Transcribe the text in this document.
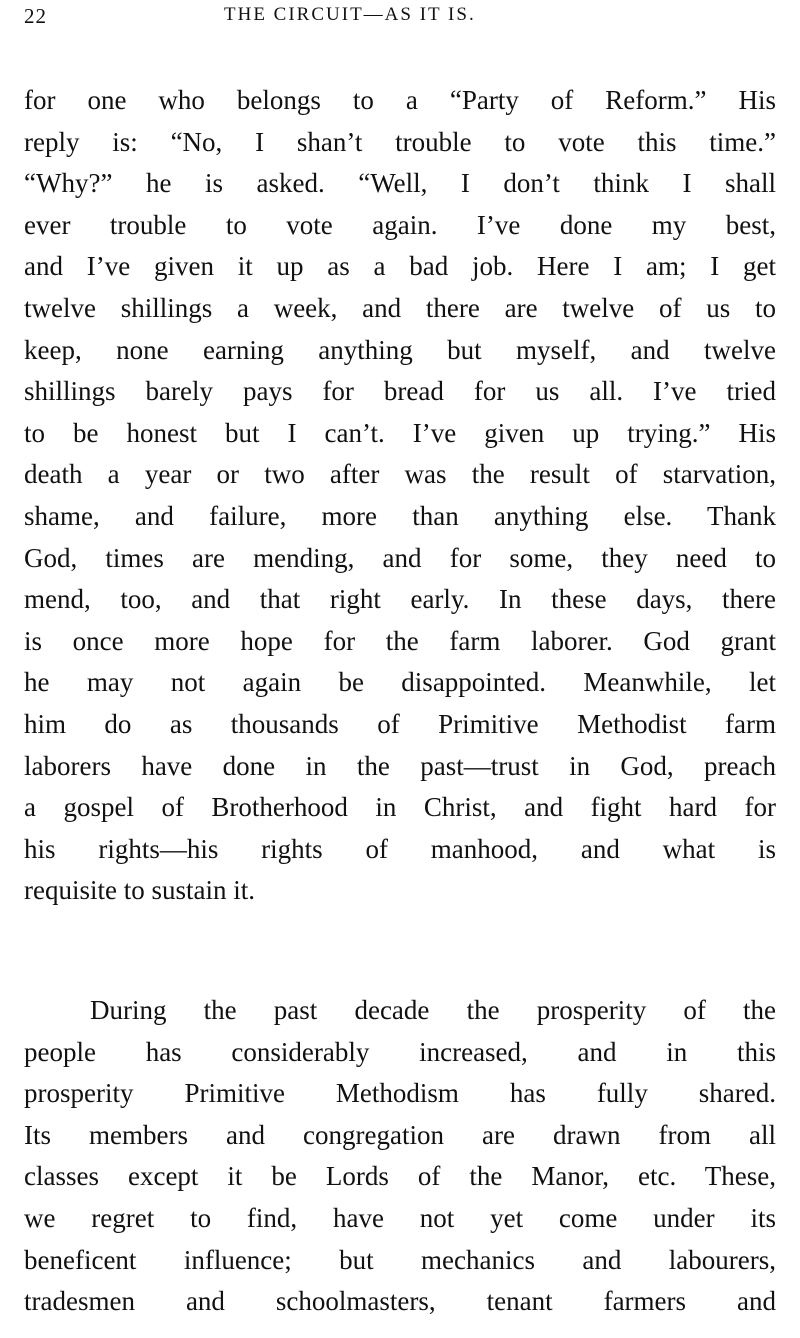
22	THE CIRCUIT—AS IT IS.
for one who belongs to a “Party of Reform.” His
reply is: “No, I shan’t trouble to vote this time.”
“Why?” he is asked. “Well, I don’t think I shall
ever trouble to vote again. I’ve done my best,
and I’ve given it up as a bad job. Here I am; I get
twelve shillings a week, and there are twelve of us to
keep, none earning anything but myself, and twelve
shillings barely pays for bread for us all. I’ve tried
to be honest but I can’t. I’ve given up trying.” His
death a year or two after was the result of starvation,
shame, and failure, more than anything else. Thank
God, times are mending, and for some, they need to
mend, too, and that right early. In these days, there
is once more hope for the farm laborer. God grant
he may not again be disappointed. Meanwhile, let
him do as thousands of Primitive Methodist farm
laborers have done in the past—trust in God, preach
a gospel of Brotherhood in Christ, and fight hard for
his rights—his rights of manhood, and what is
requisite to sustain it.
During the past decade the prosperity of the
people has considerably increased, and in this
prosperity Primitive Methodism has fully shared.
Its members and congregation are drawn from all
classes except it be Lords of the Manor, etc. These,
we regret to find, have not yet come under its
beneficent influence; but mechanics and labourers,
tradesmen and schoolmasters, tenant farmers and
